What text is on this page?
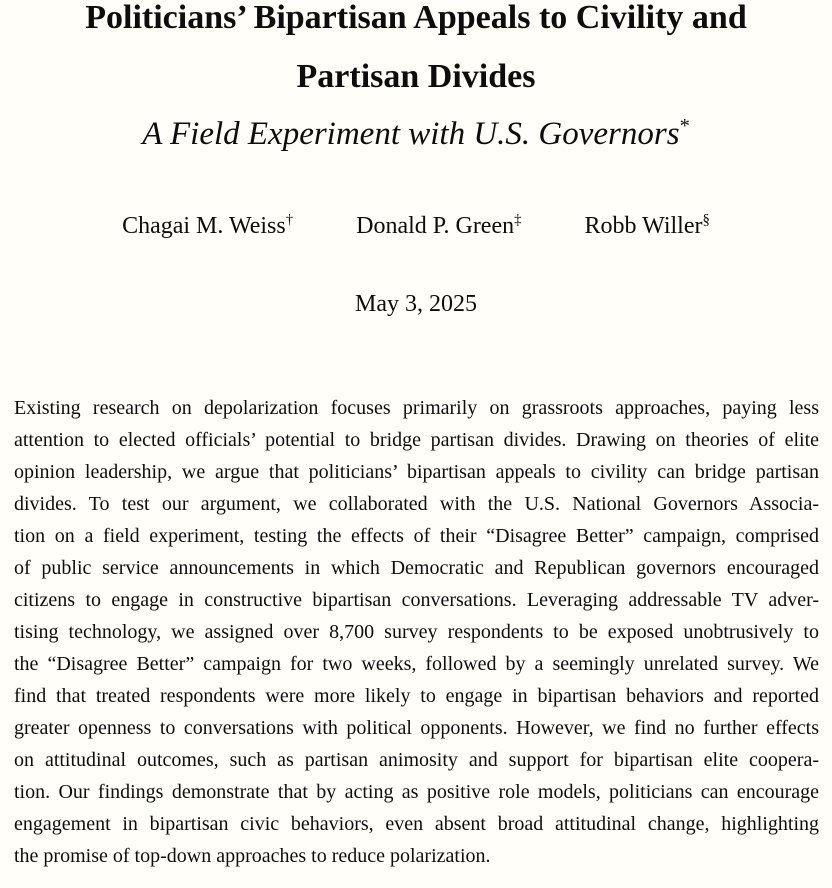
Politicians’ Bipartisan Appeals to Civility and
Partisan Divides
A Field Experiment with U.S. Governors*
Chagai M. Weiss†	Donald P. Green‡	Robb Willer§
May 3, 2025
Existing research on depolarization focuses primarily on grassroots approaches, paying less
attention to elected officials’ potential to bridge partisan divides. Drawing on theories of elite
opinion leadership, we argue that politicians’ bipartisan appeals to civility can bridge partisan
divides. To test our argument, we collaborated with the U.S. National Governors Associa-
tion on a field experiment, testing the effects of their “Disagree Better” campaign, comprised
of public service announcements in which Democratic and Republican governors encouraged
citizens to engage in constructive bipartisan conversations. Leveraging addressable TV adver-
tising technology, we assigned over 8,700 survey respondents to be exposed unobtrusively to
the “Disagree Better” campaign for two weeks, followed by a seemingly unrelated survey. We
find that treated respondents were more likely to engage in bipartisan behaviors and reported
greater openness to conversations with political opponents. However, we find no further effects
on attitudinal outcomes, such as partisan animosity and support for bipartisan elite coopera-
tion. Our findings demonstrate that by acting as positive role models, politicians can encourage
engagement in bipartisan civic behaviors, even absent broad attitudinal change, highlighting
the promise of top-down approaches to reduce polarization.
